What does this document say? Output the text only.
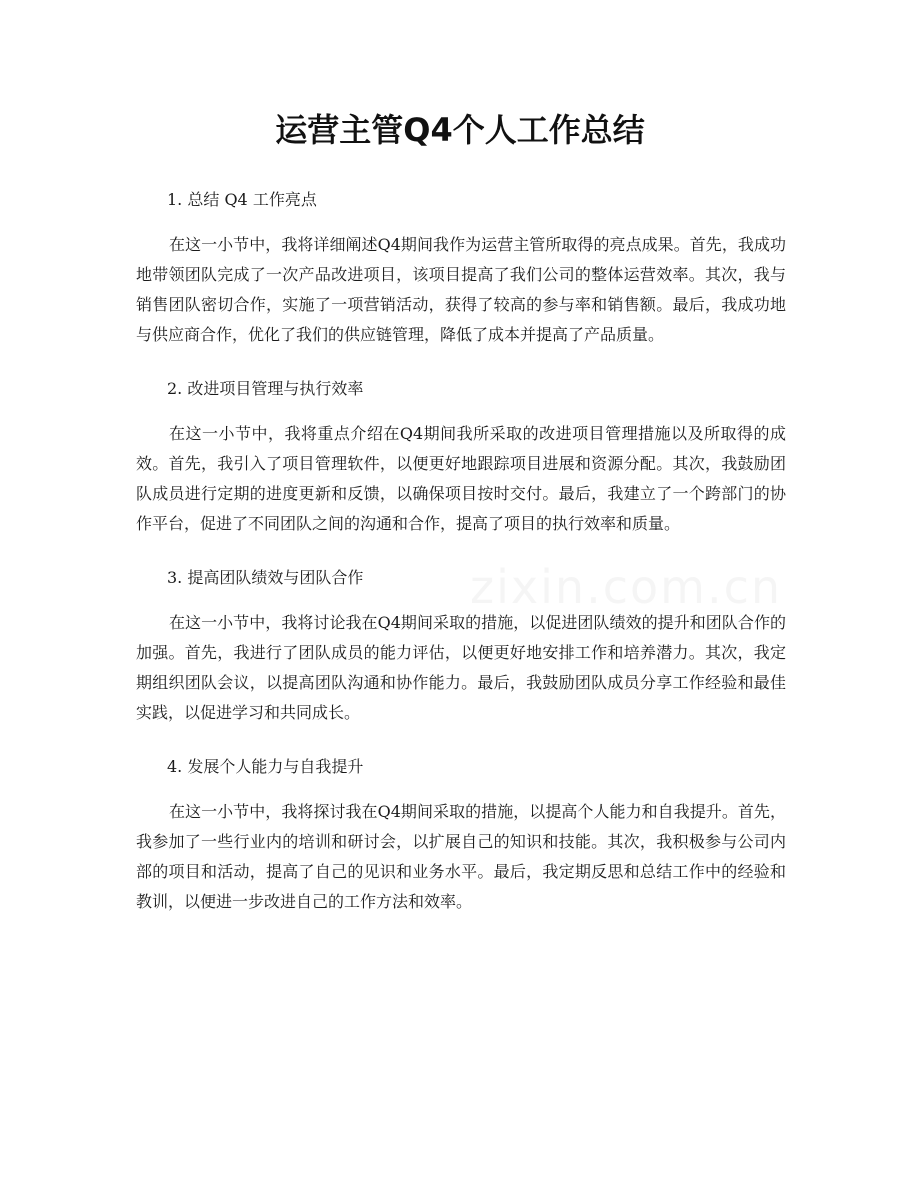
zixin.com.cn
运营主管Q4个人工作总结
1. 总结 Q4 工作亮点

在这一小节中，我将详细阐述Q4期间我作为运营主管所取得的亮点成果。首先，我成功地带领团队完成了一次产品改进项目，该项目提高了我们公司的整体运营效率。其次，我与销售团队密切合作，实施了一项营销活动，获得了较高的参与率和销售额。最后，我成功地与供应商合作，优化了我们的供应链管理，降低了成本并提高了产品质量。

2. 改进项目管理与执行效率

在这一小节中，我将重点介绍在Q4期间我所采取的改进项目管理措施以及所取得的成效。首先，我引入了项目管理软件，以便更好地跟踪项目进展和资源分配。其次，我鼓励团队成员进行定期的进度更新和反馈，以确保项目按时交付。最后，我建立了一个跨部门的协作平台，促进了不同团队之间的沟通和合作，提高了项目的执行效率和质量。

3. 提高团队绩效与团队合作

在这一小节中，我将讨论我在Q4期间采取的措施，以促进团队绩效的提升和团队合作的加强。首先，我进行了团队成员的能力评估，以便更好地安排工作和培养潜力。其次，我定期组织团队会议，以提高团队沟通和协作能力。最后，我鼓励团队成员分享工作经验和最佳实践，以促进学习和共同成长。

4. 发展个人能力与自我提升

在这一小节中，我将探讨我在Q4期间采取的措施，以提高个人能力和自我提升。首先，我参加了一些行业内的培训和研讨会，以扩展自己的知识和技能。其次，我积极参与公司内部的项目和活动，提高了自己的见识和业务水平。最后，我定期反思和总结工作中的经验和教训，以便进一步改进自己的工作方法和效率。
